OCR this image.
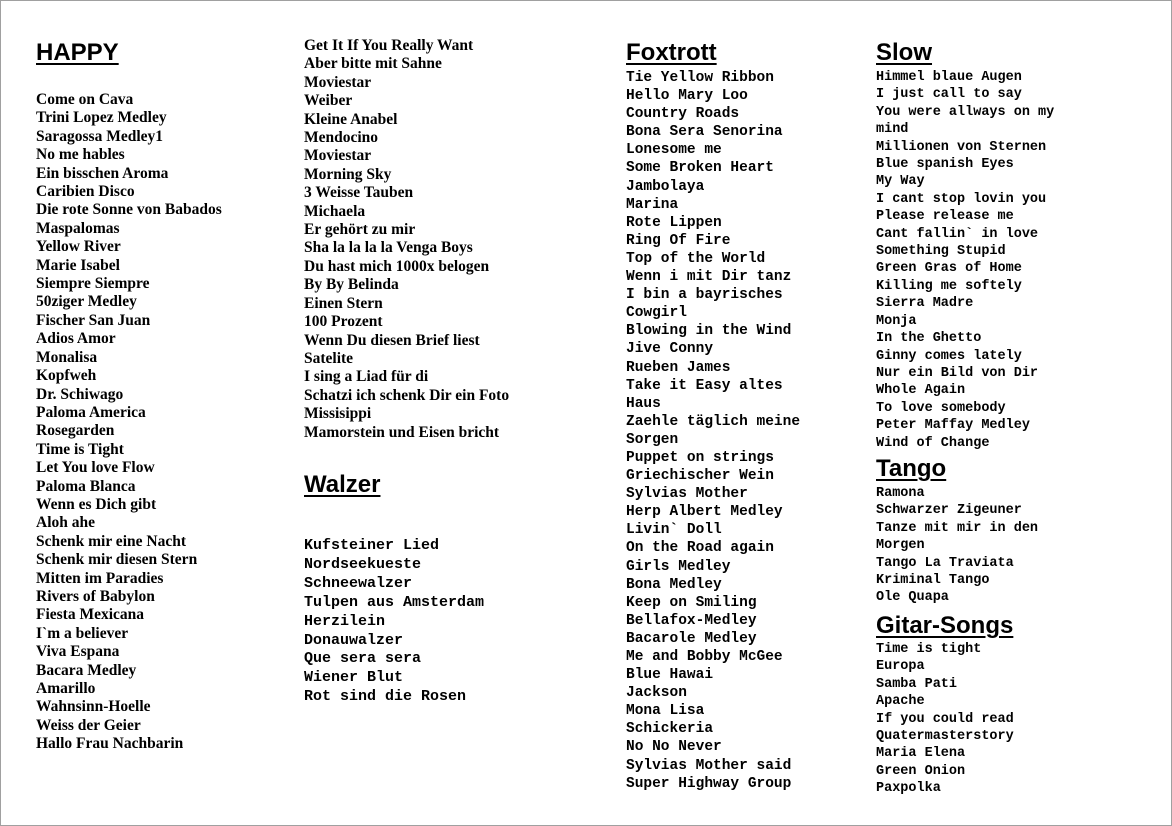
HAPPY
Come on Cava
Trini Lopez Medley
Saragossa Medley1
No me hables
Ein bisschen Aroma
Caribien Disco
Die rote Sonne von Babados
Maspalomas
Yellow River
Marie Isabel
Siempre Siempre
50ziger Medley
Fischer San Juan
Adios Amor
Monalisa
Kopfweh
Dr. Schiwago
Paloma America
Rosegarden
Time is Tight
Let You love Flow
Paloma Blanca
Wenn es Dich gibt
Aloh ahe
Schenk mir eine Nacht
Schenk mir diesen Stern
Mitten im Paradies
Rivers of Babylon
Fiesta Mexicana
I`m a believer
Viva Espana
Bacara Medley
Amarillo
Wahnsinn-Hoelle
Weiss der Geier
Hallo Frau Nachbarin
Get It If You Really Want
Aber bitte mit Sahne
Moviestar
Weiber
Kleine Anabel
Mendocino
Moviestar
Morning Sky
3 Weisse Tauben
Michaela
Er gehört zu mir
Sha la la la la Venga Boys
Du hast mich 1000x belogen
By By Belinda
Einen Stern
100 Prozent
Wenn Du diesen Brief liest
Satelite
I sing a Liad für di
Schatzi ich schenk Dir ein Foto
Missisippi
Mamorstein und Eisen bricht
Walzer
Kufsteiner Lied
Nordseekueste
Schneewalzer
Tulpen aus Amsterdam
Herzilein
Donauwalzer
Que sera sera
Wiener Blut
Rot sind die Rosen
Foxtrott
Tie Yellow Ribbon
Hello Mary Loo
Country Roads
Bona Sera Senorina
Lonesome me
Some Broken Heart
Jambolaya
Marina
Rote Lippen
Ring Of Fire
Top of the World
Wenn i mit Dir tanz
I bin a bayrisches
Cowgirl
Blowing in the Wind
Jive Conny
Rueben James
Take it Easy altes
Haus
Zaehle täglich meine
Sorgen
Puppet on strings
Griechischer Wein
Sylvias Mother
Herp Albert Medley
Livin` Doll
On the Road again
Girls Medley
Bona Medley
Keep on Smiling
Bellafox-Medley
Bacarole Medley
Me and Bobby McGee
Blue Hawai
Jackson
Mona Lisa
Schickeria
No No Never
Sylvias Mother said
Super Highway Group
Slow
Himmel blaue Augen
I just call to say
You were allways on my
mind
Millionen von Sternen
Blue spanish Eyes
My Way
I cant stop lovin you
Please release me
Cant fallin` in love
Something Stupid
Green Gras of Home
Killing me softely
Sierra Madre
Monja
In the Ghetto
Ginny comes lately
Nur ein Bild von Dir
Whole Again
To love somebody
Peter Maffay Medley
Wind of Change
Tango
Ramona
Schwarzer Zigeuner
Tanze mit mir in den
Morgen
Tango La Traviata
Kriminal Tango
Ole Quapa
Gitar-Songs
Time is tight
Europa
Samba Pati
Apache
If you could read
Quatermasterstory
Maria Elena
Green Onion
Paxpolka
